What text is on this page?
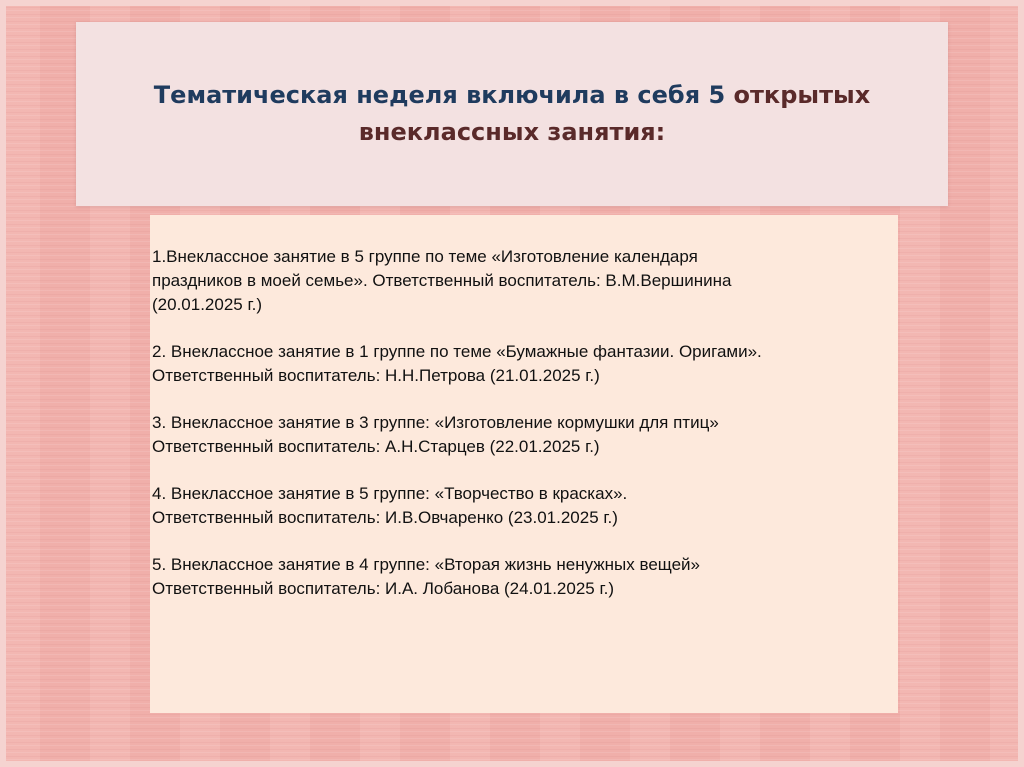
Тематическая неделя включила в себя 5 открытых внеклассных занятия:
1.Внеклассное занятие в 5 группе по теме «Изготовление календаря
праздников в моей семье». Ответственный воспитатель: В.М.Вершинина
(20.01.2025 г.)
2. Внеклассное занятие в 1 группе по теме «Бумажные фантазии. Оригами».
Ответственный воспитатель: Н.Н.Петрова (21.01.2025 г.)
3. Внеклассное занятие в 3 группе: «Изготовление кормушки для птиц»
Ответственный воспитатель: А.Н.Старцев (22.01.2025 г.)
4. Внеклассное занятие в 5 группе: «Творчество в красках».
Ответственный воспитатель: И.В.Овчаренко (23.01.2025 г.)
5. Внеклассное занятие в 4 группе: «Вторая жизнь ненужных вещей»
Ответственный воспитатель: И.А. Лобанова (24.01.2025 г.)
